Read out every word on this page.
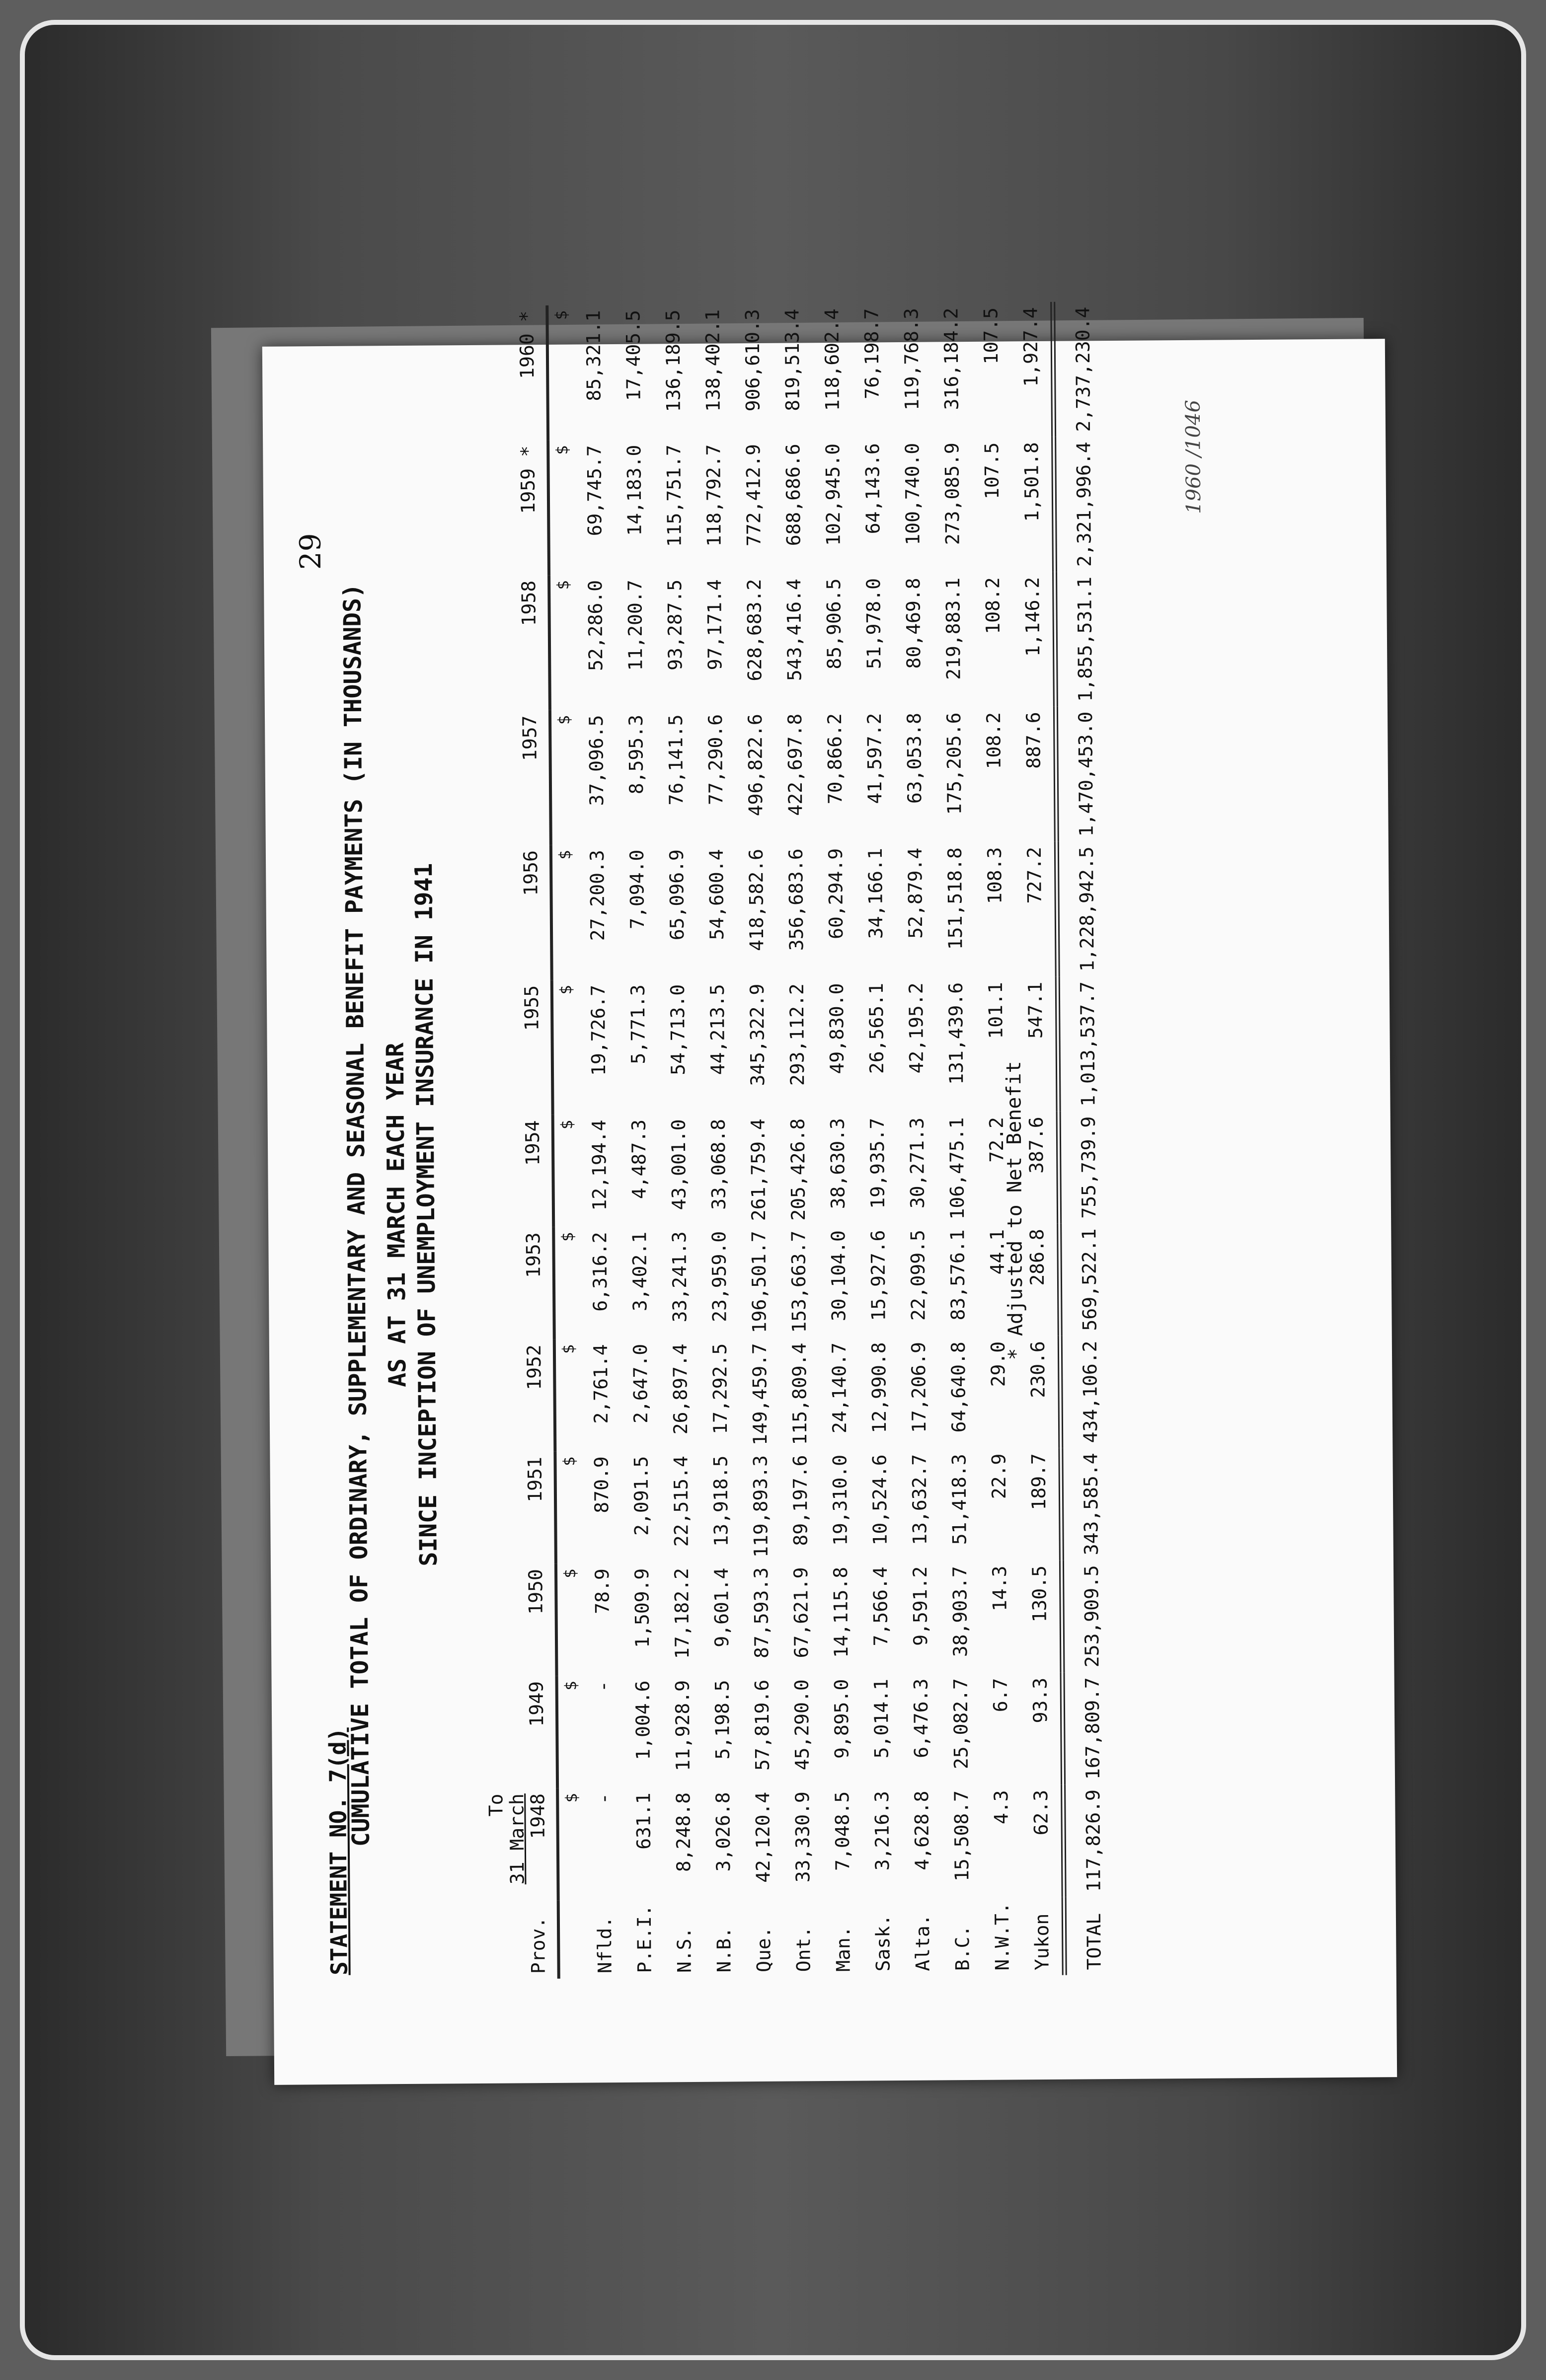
29
STATEMENT NO. 7(d)
CUMULATIVE TOTAL OF ORDINARY, SUPPLEMENTARY AND SEASONAL BENEFIT PAYMENTS (IN THOUSANDS) AS AT 31 MARCH EACH YEAR
SINCE INCEPTION OF UNEMPLOYMENT INSURANCE IN 1941
1960 /1046
Prov.	To
31 March
1948	1949	1950	1951	1952	1953	1954	1955	1956	1957	1958	1959 *	1960 *
	$	$	$	$	$	$	$	$	$	$	$	$	$
Nfld.	-	-	78.9	870.9	2,761.4	6,316.2	12,194.4	19,726.7	27,200.3	37,096.5	52,286.0	69,745.7	85,321.1
P.E.I.	631.1	1,004.6	1,509.9	2,091.5	2,647.0	3,402.1	4,487.3	5,771.3	7,094.0	8,595.3	11,200.7	14,183.0	17,405.5
N.S.	8,248.8	11,928.9	17,182.2	22,515.4	26,897.4	33,241.3	43,001.0	54,713.0	65,096.9	76,141.5	93,287.5	115,751.7	136,189.5
N.B.	3,026.8	5,198.5	9,601.4	13,918.5	17,292.5	23,959.0	33,068.8	44,213.5	54,600.4	77,290.6	97,171.4	118,792.7	138,402.1
Que.	42,120.4	57,819.6	87,593.3	119,893.3	149,459.7	196,501.7	261,759.4	345,322.9	418,582.6	496,822.6	628,683.2	772,412.9	906,610.3
Ont.	33,330.9	45,290.0	67,621.9	89,197.6	115,809.4	153,663.7	205,426.8	293,112.2	356,683.6	422,697.8	543,416.4	688,686.6	819,513.4
Man.	7,048.5	9,895.0	14,115.8	19,310.0	24,140.7	30,104.0	38,630.3	49,830.0	60,294.9	70,866.2	85,906.5	102,945.0	118,602.4
Sask.	3,216.3	5,014.1	7,566.4	10,524.6	12,990.8	15,927.6	19,935.7	26,565.1	34,166.1	41,597.2	51,978.0	64,143.6	76,198.7
Alta.	4,628.8	6,476.3	9,591.2	13,632.7	17,206.9	22,099.5	30,271.3	42,195.2	52,879.4	63,053.8	80,469.8	100,740.0	119,768.3
B.C.	15,508.7	25,082.7	38,903.7	51,418.3	64,640.8	83,576.1	106,475.1	131,439.6	151,518.8	175,205.6	219,883.1	273,085.9	316,184.2
N.W.T.	4.3	6.7	14.3	22.9	29.0	44.1	72.2	101.1	108.3	108.2	108.2	107.5	107.5
Yukon	62.3	93.3	130.5	189.7	230.6	286.8	387.6	547.1	727.2	887.6	1,146.2	1,501.8	1,927.4
TOTAL	117,826.9	167,809.7	253,909.5	343,585.4	434,106.2	569,522.1	755,739.9	1,013,537.7	1,228,942.5	1,470,453.0	1,855,531.1	2,321,996.4	2,737,230.4
* Adjusted to Net Benefit
